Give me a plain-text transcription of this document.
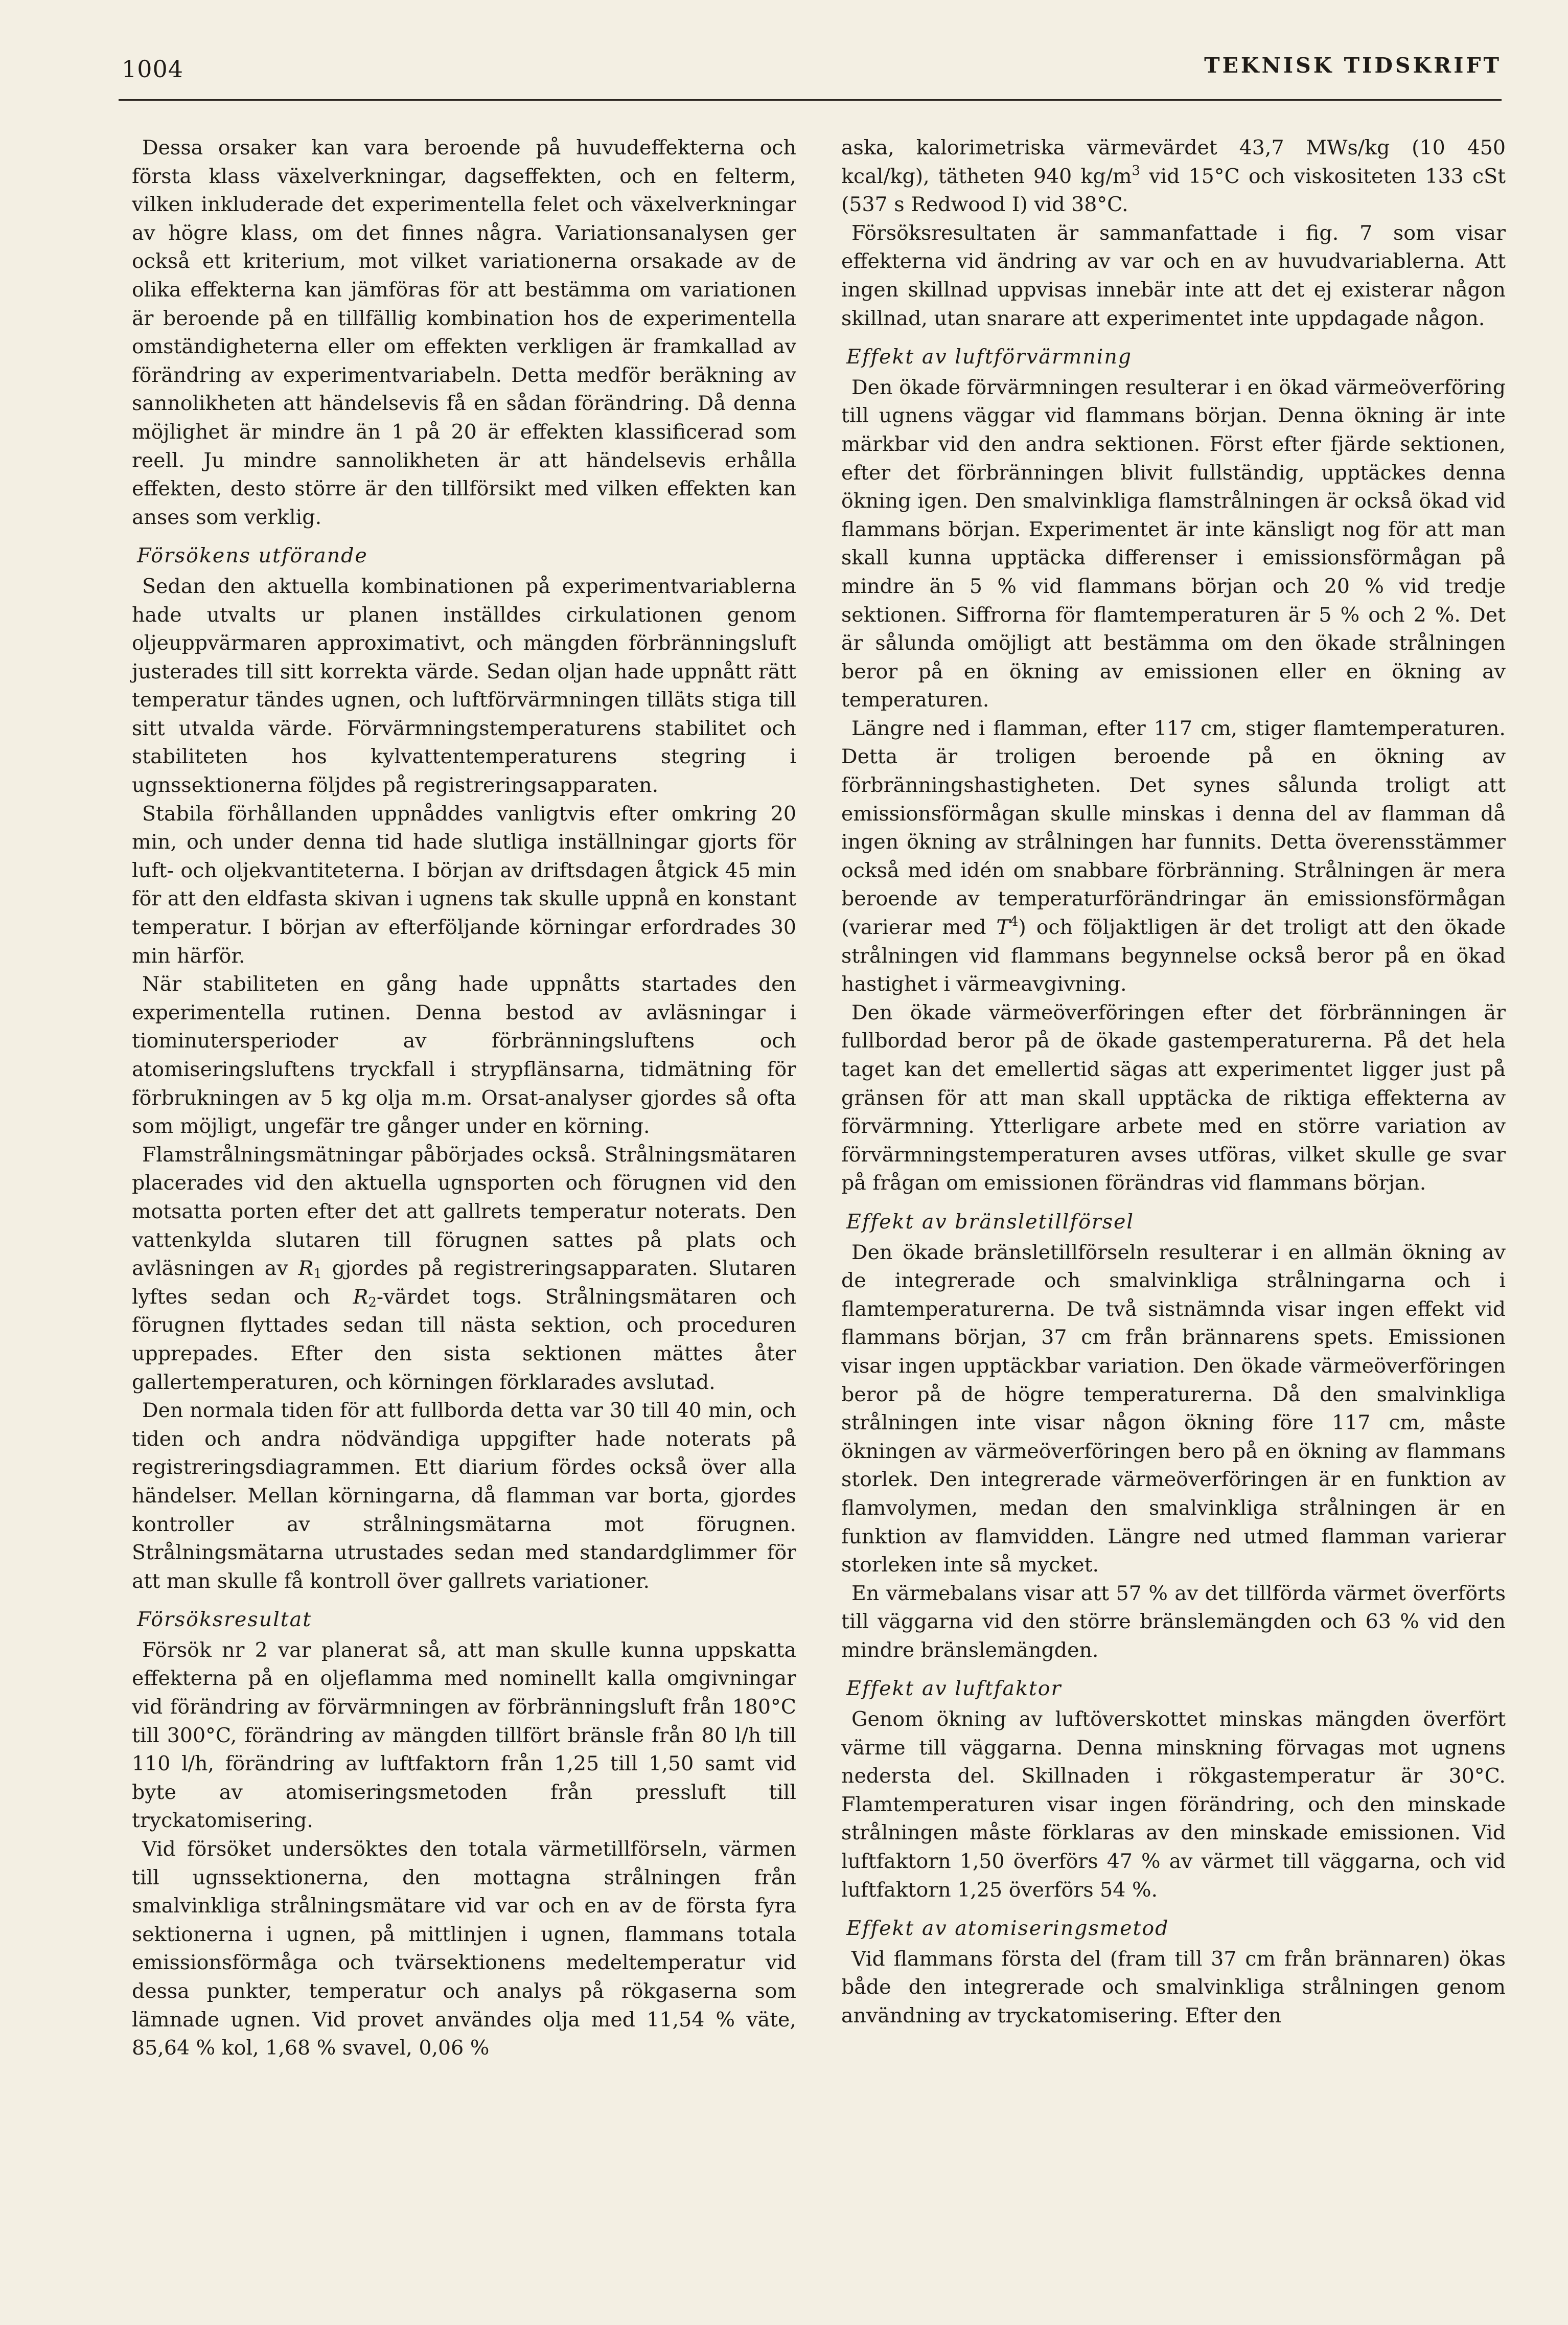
1004	TEKNISK TIDSKRIFT

Dessa orsaker kan vara beroende på huvudeffekterna och första klass växelverkningar, dagseffekten, och en felterm, vilken inkluderade det experimentella felet och växelverkningar av högre klass, om det finnes några. Variationsanalysen ger också ett kriterium, mot vilket variationerna orsakade av de olika effekterna kan jämföras för att bestämma om variationen är beroende på en tillfällig kombination hos de experimentella omständigheterna eller om effekten verkligen är framkallad av förändring av experimentvariabeln. Detta medför beräkning av sannolikheten att händelsevis få en sådan förändring. Då denna möjlighet är mindre än 1 på 20 är effekten klassificerad som reell. Ju mindre sannolikheten är att händelsevis erhålla effekten, desto större är den tillförsikt med vilken effekten kan anses som verklig.

Försökens utförande

Sedan den aktuella kombinationen på experimentvariablerna hade utvalts ur planen inställdes cirkulationen genom oljeuppvärmaren approximativt, och mängden förbränningsluft justerades till sitt korrekta värde. Sedan oljan hade uppnått rätt temperatur tändes ugnen, och luftförvärmningen tilläts stiga till sitt utvalda värde. Förvärmningstemperaturens stabilitet och stabiliteten hos kylvattentemperaturens stegring i ugnssektionerna följdes på registreringsapparaten.

Stabila förhållanden uppnåddes vanligtvis efter omkring 20 min, och under denna tid hade slutliga inställningar gjorts för luft- och oljekvantiteterna. I början av driftsdagen åtgick 45 min för att den eldfasta skivan i ugnens tak skulle uppnå en konstant temperatur. I början av efterföljande körningar erfordrades 30 min härför.

När stabiliteten en gång hade uppnåtts startades den experimentella rutinen. Denna bestod av avläsningar i tiominutersperioder av förbränningsluftens och atomiseringsluftens tryckfall i strypflänsarna, tidmätning för förbrukningen av 5 kg olja m.m. Orsat-analyser gjordes så ofta som möjligt, ungefär tre gånger under en körning.

Flamstrålningsmätningar påbörjades också. Strålningsmätaren placerades vid den aktuella ugnsporten och förugnen vid den motsatta porten efter det att gallrets temperatur noterats. Den vattenkylda slutaren till förugnen sattes på plats och avläsningen av $R_1$ gjordes på registreringsapparaten. Slutaren lyftes sedan och $R_2$-värdet togs. Strålningsmätaren och förugnen flyttades sedan till nästa sektion, och proceduren upprepades. Efter den sista sektionen mättes åter gallertemperaturen, och körningen förklarades avslutad.

Den normala tiden för att fullborda detta var 30 till 40 min, och tiden och andra nödvändiga uppgifter hade noterats på registreringsdiagrammen. Ett diarium fördes också över alla händelser. Mellan körningarna, då flamman var borta, gjordes kontroller av strålningsmätarna mot förugnen. Strålningsmätarna utrustades sedan med standardglimmer för att man skulle få kontroll över gallrets variationer.

Försöksresultat

Försök nr 2 var planerat så, att man skulle kunna uppskatta effekterna på en oljeflamma med nominellt kalla omgivningar vid förändring av förvärmningen av förbränningsluft från 180°C till 300°C, förändring av mängden tillfört bränsle från 80 l/h till 110 l/h, förändring av luftfaktorn från 1,25 till 1,50 samt vid byte av atomiseringsmetoden från pressluft till tryckatomisering.

Vid försöket undersöktes den totala värmetillförseln, värmen till ugnssektionerna, den mottagna strålningen från smalvinkliga strålningsmätare vid var och en av de första fyra sektionerna i ugnen, på mittlinjen i ugnen, flammans totala emissionsförmåga och tvärsektionens medeltemperatur vid dessa punkter, temperatur och analys på rökgaserna som lämnade ugnen. Vid provet användes olja med 11,54 % väte, 85,64 % kol, 1,68 % svavel, 0,06 %

aska, kalorimetriska värmevärdet 43,7 MWs/kg (10 450 kcal/kg), tätheten 940 $kg/m^3$ vid 15°C och viskositeten 133 cSt (537 s Redwood I) vid 38°C.

Försöksresultaten är sammanfattade i fig. 7 som visar effekterna vid ändring av var och en av huvudvariablerna. Att ingen skillnad uppvisas innebär inte att det ej existerar någon skillnad, utan snarare att experimentet inte uppdagade någon.

Effekt av luftförvärmning

Den ökade förvärmningen resulterar i en ökad värmeöverföring till ugnens väggar vid flammans början. Denna ökning är inte märkbar vid den andra sektionen. Först efter fjärde sektionen, efter det förbränningen blivit fullständig, upptäckes denna ökning igen. Den smalvinkliga flamstrålningen är också ökad vid flammans början. Experimentet är inte känsligt nog för att man skall kunna upptäcka differenser i emissionsförmågan på mindre än 5 % vid flammans början och 20 % vid tredje sektionen. Siffrorna för flamtemperaturen är 5 % och 2 %. Det är sålunda omöjligt att bestämma om den ökade strålningen beror på en ökning av emissionen eller en ökning av temperaturen.

Längre ned i flamman, efter 117 cm, stiger flamtemperaturen. Detta är troligen beroende på en ökning av förbränningshastigheten. Det synes sålunda troligt att emissionsförmågan skulle minskas i denna del av flamman då ingen ökning av strålningen har funnits. Detta överensstämmer också med idén om snabbare förbränning. Strålningen är mera beroende av temperaturförändringar än emissionsförmågan (varierar med $T^4$) och följaktligen är det troligt att den ökade strålningen vid flammans begynnelse också beror på en ökad hastighet i värmeavgivning.

Den ökade värmeöverföringen efter det förbränningen är fullbordad beror på de ökade gastemperaturerna. På det hela taget kan det emellertid sägas att experimentet ligger just på gränsen för att man skall upptäcka de riktiga effekterna av förvärmning. Ytterligare arbete med en större variation av förvärmningstemperaturen avses utföras, vilket skulle ge svar på frågan om emissionen förändras vid flammans början.

Effekt av bränsletillförsel

Den ökade bränsletillförseln resulterar i en allmän ökning av de integrerade och smalvinkliga strålningarna och i flamtemperaturerna. De två sistnämnda visar ingen effekt vid flammans början, 37 cm från brännarens spets. Emissionen visar ingen upptäckbar variation. Den ökade värmeöverföringen beror på de högre temperaturerna. Då den smalvinkliga strålningen inte visar någon ökning före 117 cm, måste ökningen av värmeöverföringen bero på en ökning av flammans storlek. Den integrerade värmeöverföringen är en funktion av flamvolymen, medan den smalvinkliga strålningen är en funktion av flamvidden. Längre ned utmed flamman varierar storleken inte så mycket.

En värmebalans visar att 57 % av det tillförda värmet överförts till väggarna vid den större bränslemängden och 63 % vid den mindre bränslemängden.

Effekt av luftfaktor

Genom ökning av luftöverskottet minskas mängden överfört värme till väggarna. Denna minskning förvagas mot ugnens nedersta del. Skillnaden i rökgastemperatur är 30°C. Flamtemperaturen visar ingen förändring, och den minskade strålningen måste förklaras av den minskade emissionen. Vid luftfaktorn 1,50 överförs 47 % av värmet till väggarna, och vid luftfaktorn 1,25 överförs 54 %.

Effekt av atomiseringsmetod

Vid flammans första del (fram till 37 cm från brännaren) ökas både den integrerade och smalvinkliga strålningen genom användning av tryckatomisering. Efter den
